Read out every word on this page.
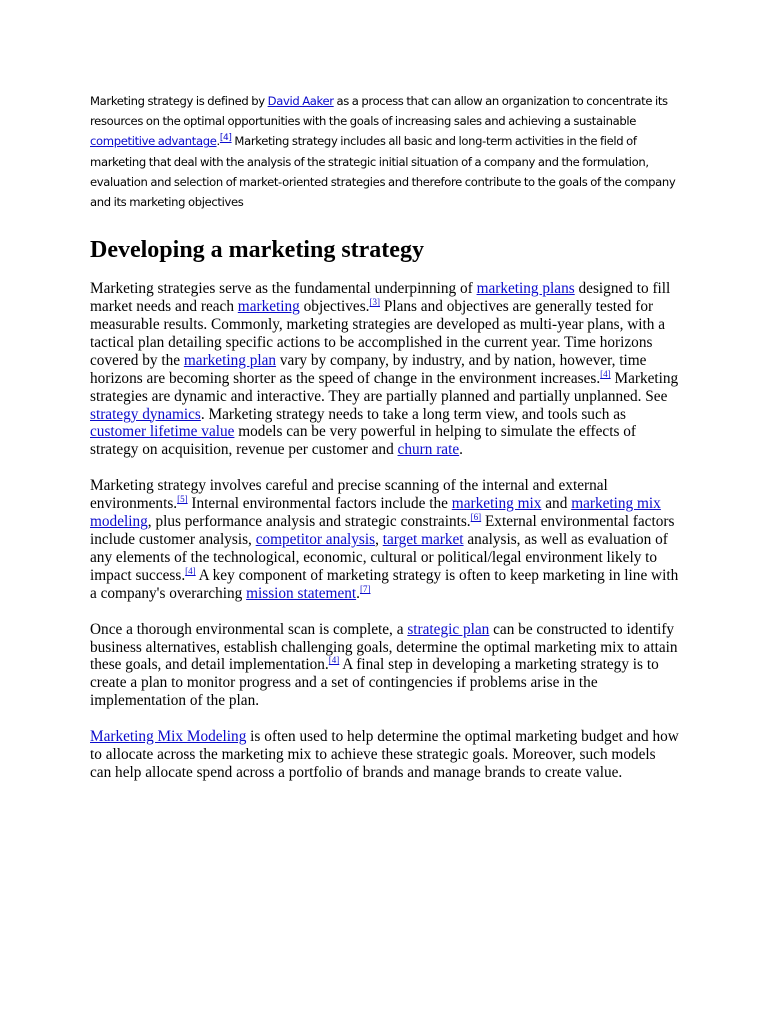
Marketing strategy is defined by David Aaker as a process that can allow an organization to concentrate its resources on the optimal opportunities with the goals of increasing sales and achieving a sustainable competitive advantage.[4] Marketing strategy includes all basic and long-term activities in the field of marketing that deal with the analysis of the strategic initial situation of a company and the formulation, evaluation and selection of market-oriented strategies and therefore contribute to the goals of the company and its marketing objectives

Developing a marketing strategy

Marketing strategies serve as the fundamental underpinning of marketing plans designed to fill market needs and reach marketing objectives.[3] Plans and objectives are generally tested for measurable results. Commonly, marketing strategies are developed as multi-year plans, with a tactical plan detailing specific actions to be accomplished in the current year. Time horizons covered by the marketing plan vary by company, by industry, and by nation, however, time horizons are becoming shorter as the speed of change in the environment increases.[4] Marketing strategies are dynamic and interactive. They are partially planned and partially unplanned. See strategy dynamics. Marketing strategy needs to take a long term view, and tools such as customer lifetime value models can be very powerful in helping to simulate the effects of strategy on acquisition, revenue per customer and churn rate.

Marketing strategy involves careful and precise scanning of the internal and external environments.[5] Internal environmental factors include the marketing mix and marketing mix modeling, plus performance analysis and strategic constraints.[6] External environmental factors include customer analysis, competitor analysis, target market analysis, as well as evaluation of any elements of the technological, economic, cultural or political/legal environment likely to impact success.[4] A key component of marketing strategy is often to keep marketing in line with a company's overarching mission statement.[7]

Once a thorough environmental scan is complete, a strategic plan can be constructed to identify business alternatives, establish challenging goals, determine the optimal marketing mix to attain these goals, and detail implementation.[4] A final step in developing a marketing strategy is to create a plan to monitor progress and a set of contingencies if problems arise in the implementation of the plan.

Marketing Mix Modeling is often used to help determine the optimal marketing budget and how to allocate across the marketing mix to achieve these strategic goals. Moreover, such models can help allocate spend across a portfolio of brands and manage brands to create value.
